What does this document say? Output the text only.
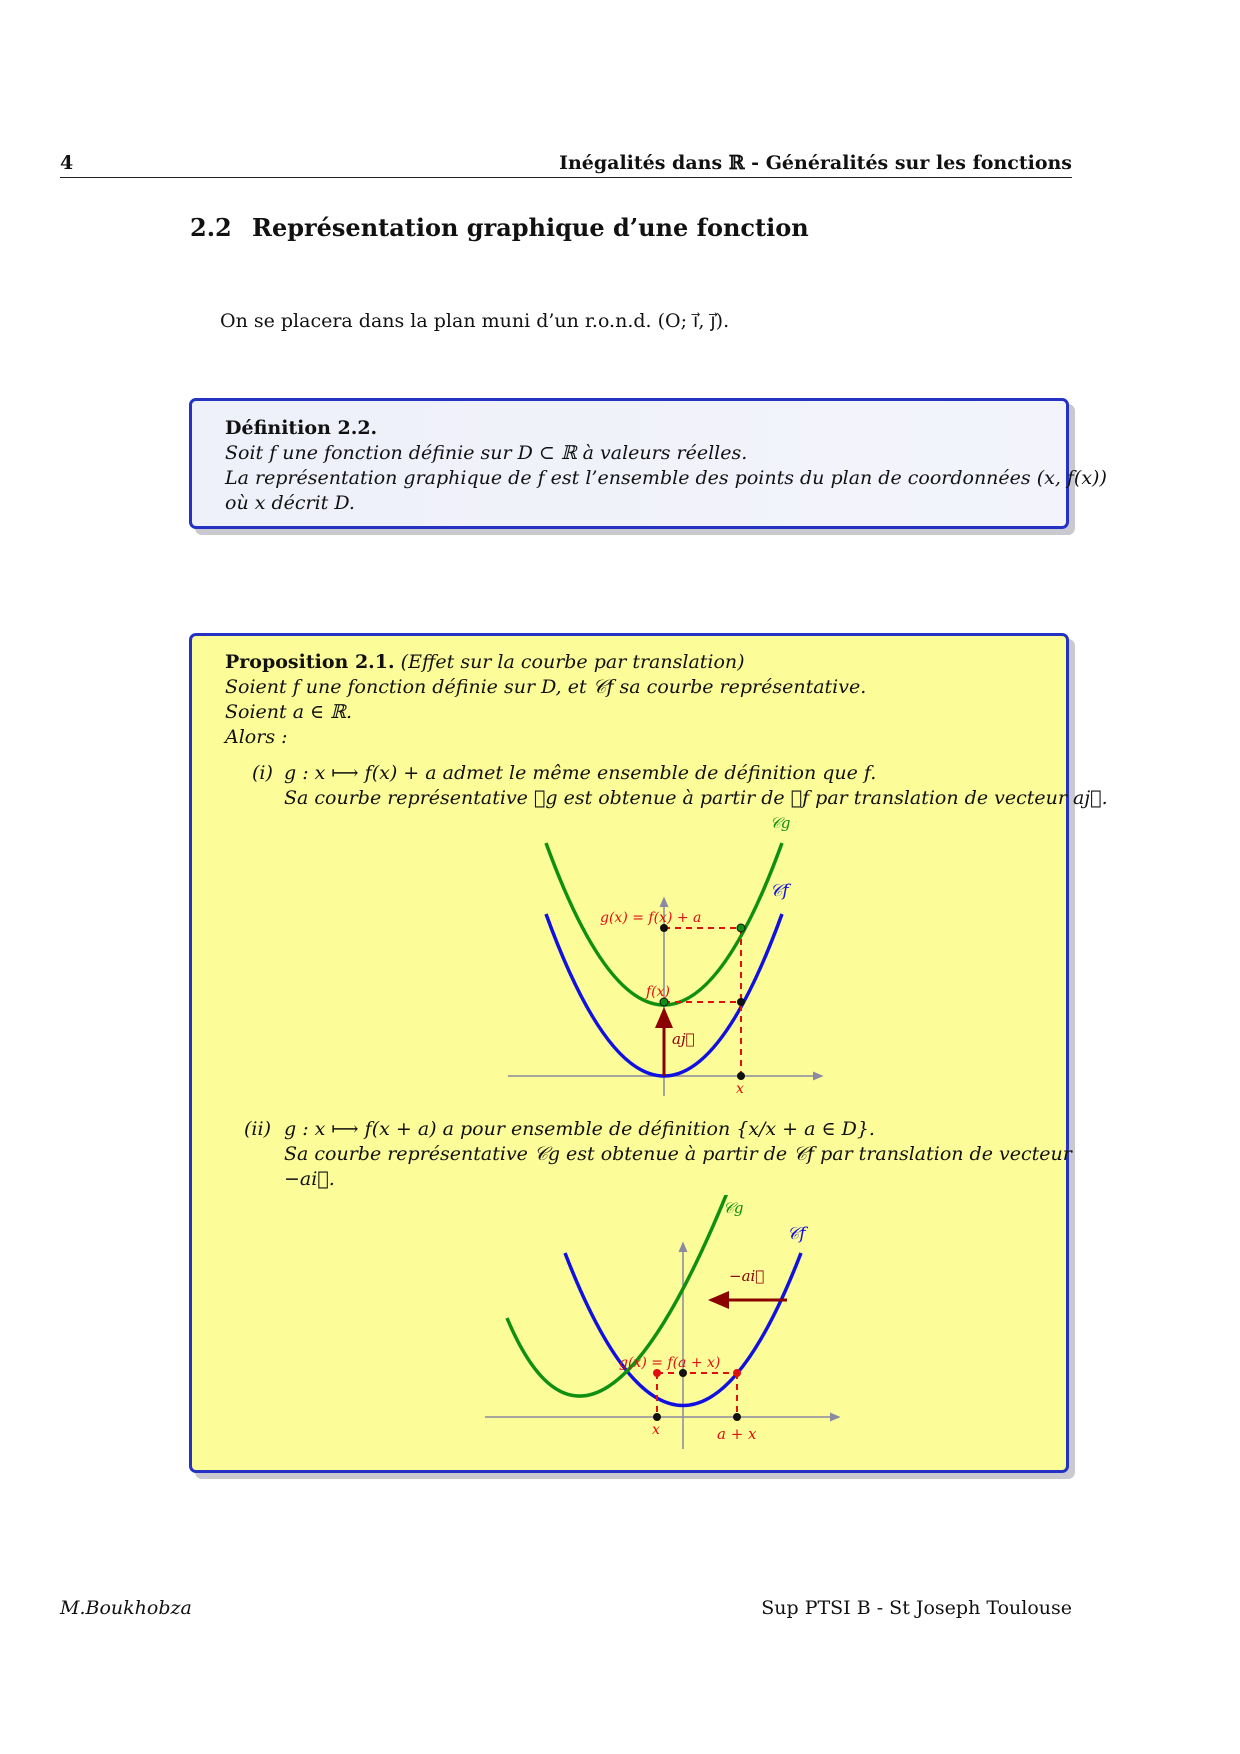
4	Inégalités dans ℝ - Généralités sur les fonctions
2.2 Représentation graphique d’une fonction
On se placera dans la plan muni d’un r.o.n.d. (O; i⃗, j⃗).
Définition 2.2.
Soit f une fonction définie sur D ⊂ ℝ à valeurs réelles.
La représentation graphique de f est l’ensemble des points du plan de coordonnées (x, f(x))
où x décrit D.
Proposition 2.1. (Effet sur la courbe par translation)
Soient f une fonction définie sur D, et 𝒞f sa courbe représentative.
Soient a ∈ ℝ.
Alors :
(i) g : x ⟼ f(x) + a admet le même ensemble de définition que f.
Sa courbe représentative 𝒞g est obtenue à partir de 𝒞f par translation de vecteur aj⃗.
(ii) g : x ⟼ f(x + a) a pour ensemble de définition {x/x + a ∈ D}.
Sa courbe représentative 𝒞g est obtenue à partir de 𝒞f par translation de vecteur
−ai⃗.
𝒞g
𝒞f
g(x) = f(x) + a
f(x)
aj⃗
x
𝒞g
𝒞f
−ai⃗
g(x) = f(a + x)
x	a + x
M.Boukhobza	Sup PTSI B - St Joseph Toulouse
